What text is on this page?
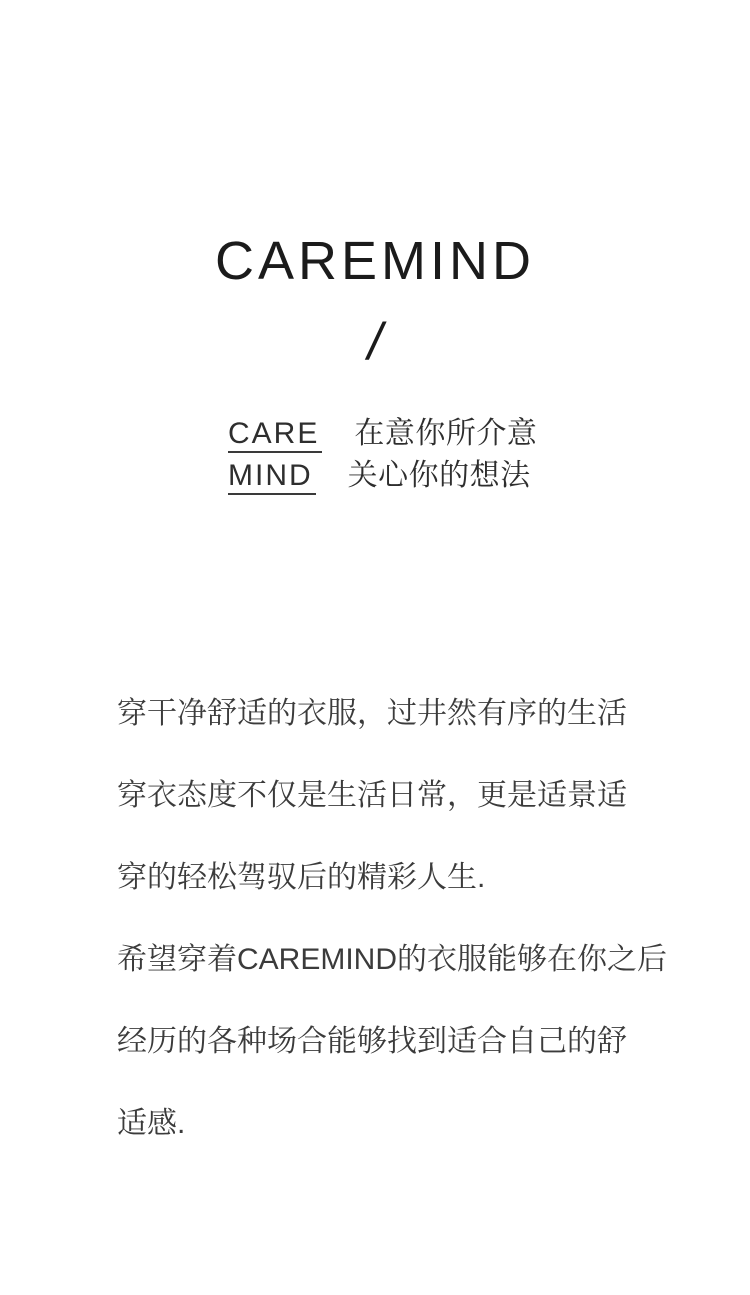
CAREMIND
/
CARE 在意你所介意
MIND 关心你的想法

穿干净舒适的衣服，过井然有序的生活

穿衣态度不仅是生活日常，更是适景适

穿的轻松驾驭后的精彩人生.

希望穿着CAREMIND的衣服能够在你之后

经历的各种场合能够找到适合自己的舒

适感.
